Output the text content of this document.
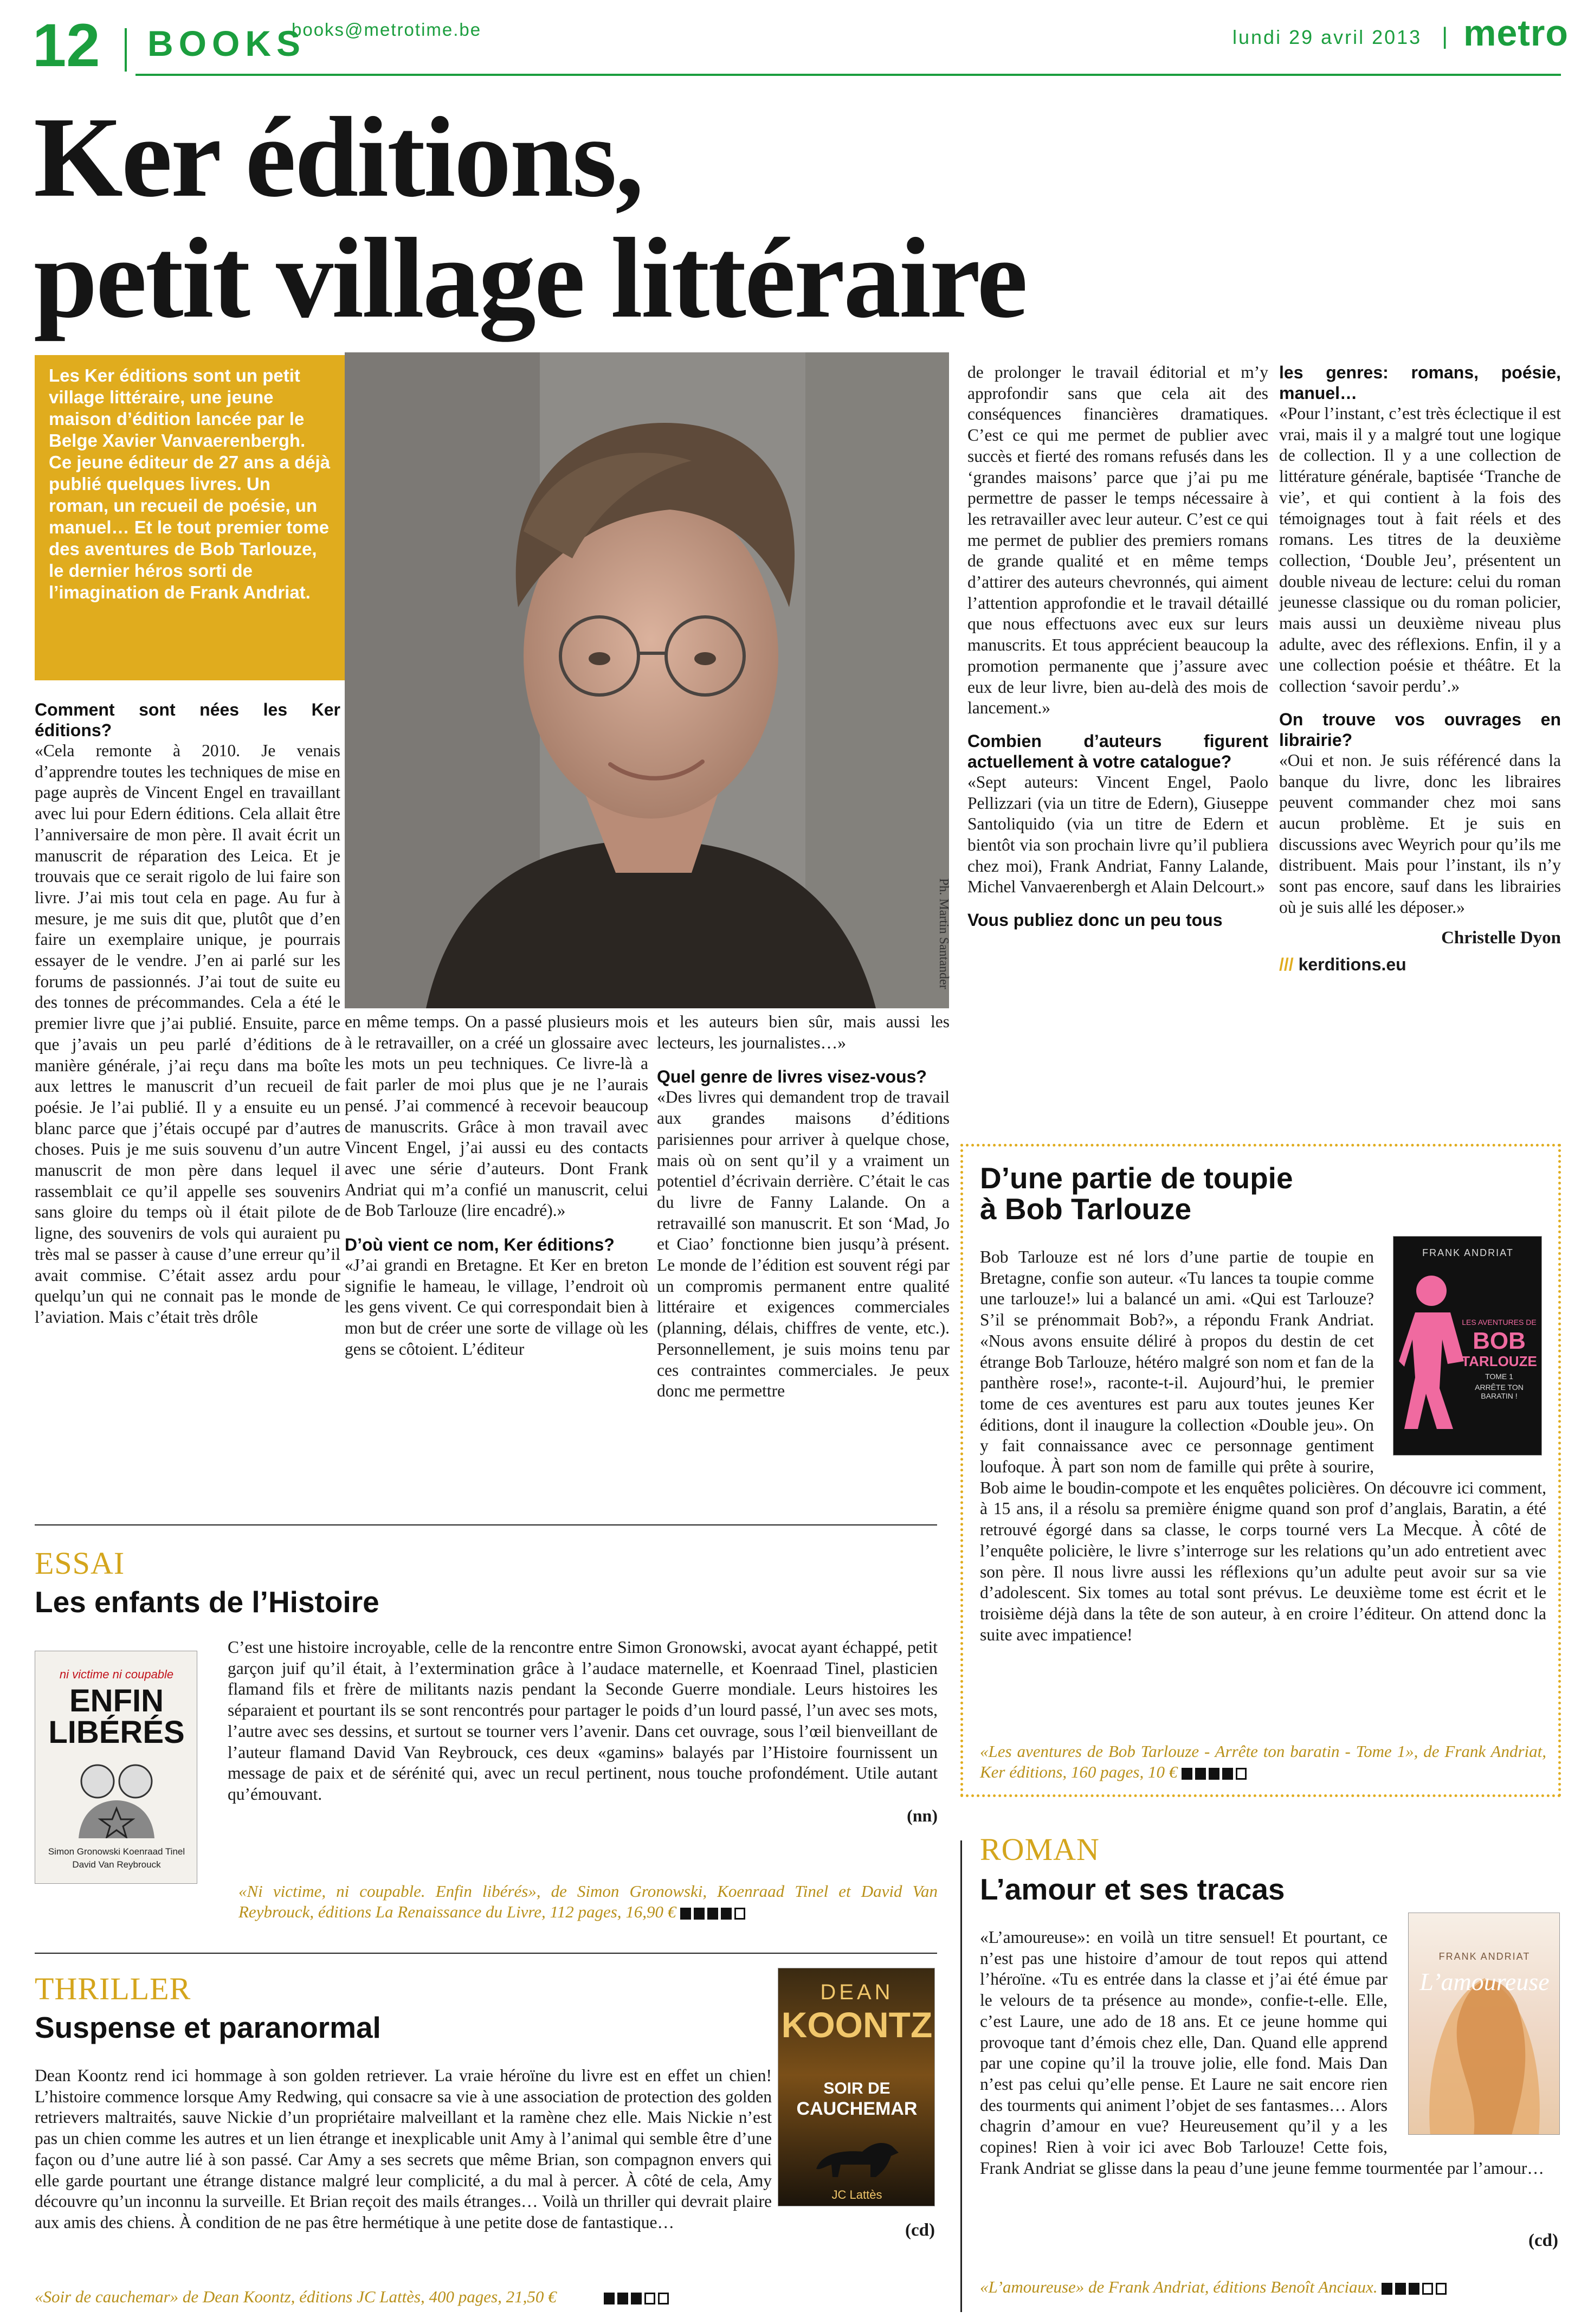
12 BOOKS
books@metrotime.be	lundi 29 avril 2013 | metro
Ker éditions,
petit village littéraire
Les Ker éditions sont un petit village littéraire, une jeune maison d’édition lancée par le Belge Xavier Vanvaerenbergh. Ce jeune éditeur de 27 ans a déjà publié quelques livres. Un roman, un recueil de poésie, un manuel… Et le tout premier tome des aventures de Bob Tarlouze, le dernier héros sorti de l’imagination de Frank Andriat.
Ph. Martin Santander
Comment sont nées les Ker éditions?

«Cela remonte à 2010. Je venais d’apprendre toutes les techniques de mise en page auprès de Vincent Engel en travaillant avec lui pour Edern éditions. Cela allait être l’anniversaire de mon père. Il avait écrit un manuscrit de réparation des Leica. Et je trouvais que ce serait rigolo de lui faire son livre. J’ai mis tout cela en page. Au fur à mesure, je me suis dit que, plutôt que d’en faire un exemplaire unique, je pourrais essayer de le vendre. J’en ai parlé sur les forums de passionnés. J’ai tout de suite eu des tonnes de précommandes. Cela a été le premier livre que j’ai publié. Ensuite, parce que j’avais un peu parlé d’éditions de manière générale, j’ai reçu dans ma boîte aux lettres le manuscrit d’un recueil de poésie. Je l’ai publié. Il y a ensuite eu un blanc parce que j’étais occupé par d’autres choses. Puis je me suis souvenu d’un autre manuscrit de mon père dans lequel il rassemblait ce qu’il appelle ses souvenirs sans gloire du temps où il était pilote de ligne, des souvenirs de vols qui auraient pu très mal se passer à cause d’une erreur qu’il avait commise. C’était assez ardu pour quelqu’un qui ne connait pas le monde de l’aviation. Mais c’était très drôle

en même temps. On a passé plusieurs mois à le retravailler, on a créé un glossaire avec les mots un peu techniques. Ce livre-là a fait parler de moi plus que je ne l’aurais pensé. J’ai commencé à recevoir beaucoup de manuscrits. Grâce à mon travail avec Vincent Engel, j’ai aussi eu des contacts avec une série d’auteurs. Dont Frank Andriat qui m’a confié un manuscrit, celui de Bob Tarlouze (lire encadré).»

D’où vient ce nom, Ker éditions?

«J’ai grandi en Bretagne. Et Ker en breton signifie le hameau, le village, l’endroit où les gens vivent. Ce qui correspondait bien à mon but de créer une sorte de village où les gens se côtoient. L’éditeur

et les auteurs bien sûr, mais aussi les lecteurs, les journalistes…»

Quel genre de livres visez-vous?

«Des livres qui demandent trop de travail aux grandes maisons d’éditions parisiennes pour arriver à quelque chose, mais où on sent qu’il y a vraiment un potentiel d’écrivain derrière. C’était le cas du livre de Fanny Lalande. On a retravaillé son manuscrit. Et son ‘Mad, Jo et Ciao’ fonctionne bien jusqu’à présent. Le monde de l’édition est souvent régi par un compromis permanent entre qualité littéraire et exigences commerciales (planning, délais, chiffres de vente, etc.). Personnellement, je suis moins tenu par ces contraintes commerciales. Je peux donc me permettre

de prolonger le travail éditorial et m’y approfondir sans que cela ait des conséquences financières dramatiques. C’est ce qui me permet de publier avec succès et fierté des romans refusés dans les ‘grandes maisons’ parce que j’ai pu me permettre de passer le temps nécessaire à les retravailler avec leur auteur. C’est ce qui me permet de publier des premiers romans de grande qualité et en même temps d’attirer des auteurs chevronnés, qui aiment l’attention approfondie et le travail détaillé que nous effectuons avec eux sur leurs manuscrits. Et tous apprécient beaucoup la promotion permanente que j’assure avec eux de leur livre, bien au-delà des mois de lancement.»

Combien d’auteurs figurent actuellement à votre catalogue?

«Sept auteurs: Vincent Engel, Paolo Pellizzari (via un titre de Edern), Giuseppe Santoliquido (via un titre de Edern et bientôt via son prochain livre qu’il publiera chez moi), Frank Andriat, Fanny Lalande, Michel Vanvaerenbergh et Alain Delcourt.»

Vous publiez donc un peu tous
les genres: romans, poésie, manuel…

«Pour l’instant, c’est très éclectique il est vrai, mais il y a malgré tout une logique de collection. Il y a une collection de littérature générale, baptisée ‘Tranche de vie’, et qui contient à la fois des témoignages tout à fait réels et des romans. Les titres de la deuxième collection, ‘Double Jeu’, présentent un double niveau de lecture: celui du roman jeunesse classique ou du roman policier, mais aussi un deuxième niveau plus adulte, avec des réflexions. Enfin, il y a une collection poésie et théâtre. Et la collection ‘savoir perdu’.»

On trouve vos ouvrages en librairie?

«Oui et non. Je suis référencé dans la banque du livre, donc les libraires peuvent commander chez moi sans aucun problème. Et je suis en discussions avec Weyrich pour qu’ils me distribuent. Mais pour l’instant, ils n’y sont pas encore, sauf dans les librairies où je suis allé les déposer.»

Christelle Dyon
/// kerditions.eu
ESSAI
Les enfants de l’Histoire
ni victime ni coupable
ENFIN
LIBÉRÉS
Simon Gronowski Koenraad Tinel
David Van Reybrouck

C’est une histoire incroyable, celle de la rencontre entre Simon Gronowski, avocat ayant échappé, petit garçon juif qu’il était, à l’extermination grâce à l’audace maternelle, et Koenraad Tinel, plasticien flamand fils et frère de militants nazis pendant la Seconde Guerre mondiale. Leurs histoires les séparaient et pourtant ils se sont rencontrés pour partager le poids d’un lourd passé, l’un avec ses mots, l’autre avec ses dessins, et surtout se tourner vers l’avenir. Dans cet ouvrage, sous l’œil bienveillant de l’auteur flamand David Van Reybrouck, ces deux «gamins» balayés par l’Histoire fournissent un message de paix et de sérénité qui, avec un recul pertinent, nous touche profondément. Utile autant qu’émouvant.

(nn)
«Ni victime, ni coupable. Enfin libérés», de Simon Gronowski, Koenraad Tinel et David Van Reybrouck, éditions La Renaissance du Livre, 112 pages, 16,90 €
THRILLER
Suspense et paranormal
DEAN
KOONTZ
SOIR DE
CAUCHEMAR
JC Lattès

Dean Koontz rend ici hommage à son golden retriever. La vraie héroïne du livre est en effet un chien! L’histoire commence lorsque Amy Redwing, qui consacre sa vie à une association de protection des golden retrievers maltraités, sauve Nickie d’un propriétaire malveillant et la ramène chez elle. Mais Nickie n’est pas un chien comme les autres et un lien étrange et inexplicable unit Amy à l’animal qui semble être d’une façon ou d’une autre lié à son passé. Car Amy a ses secrets que même Brian, son compagnon envers qui elle garde pourtant une étrange distance malgré leur complicité, a du mal à percer. À côté de cela, Amy découvre qu’un inconnu la surveille. Et Brian reçoit des mails étranges… Voilà un thriller qui devrait plaire aux amis des chiens. À condition de ne pas être hermétique à une petite dose de fantastique…	(cd)
«Soir de cauchemar» de Dean Koontz, éditions JC Lattès, 400 pages, 21,50 €
D’une partie de toupie
à Bob Tarlouze
FRANK ANDRIAT
LES AVENTURES DE
BOB
TARLOUZE
TOME 1
ARRÊTE TON BARATIN !
Bob Tarlouze est né lors d’une partie de toupie en Bretagne, confie son auteur. «Tu lances ta toupie comme une tarlouze!» lui a balancé un ami. «Qui est Tarlouze? S’il se prénommait Bob?», a répondu Frank Andriat. «Nous avons ensuite déliré à propos du destin de cet étrange Bob Tarlouze, hétéro malgré son nom et fan de la panthère rose!», raconte-t-il. Aujourd’hui, le premier tome de ces aventures est paru aux toutes jeunes Ker éditions, dont il inaugure la collection «Double jeu». On y fait connaissance avec ce personnage gentiment loufoque. À part son nom de famille qui prête à sourire, Bob aime le boudin-compote et les enquêtes policières. On découvre ici comment, à 15 ans, il a résolu sa première énigme quand son prof d’anglais, Baratin, a été retrouvé égorgé dans sa classe, le corps tourné vers La Mecque. À côté de l’enquête policière, le livre s’interroge sur les relations qu’un ado entretient avec son père. Il nous livre aussi les réflexions qu’un adulte peut avoir sur sa vie d’adolescent. Six tomes au total sont prévus. Le deuxième tome est écrit et le troisième déjà dans la tête de son auteur, à en croire l’éditeur. On attend donc la suite avec impatience!
«Les aventures de Bob Tarlouze - Arrête ton baratin - Tome 1», de Frank Andriat, Ker éditions, 160 pages, 10 €
ROMAN
L’amour et ses tracas
FRANK ANDRIAT
L’amoureuse
«L’amoureuse»: en voilà un titre sensuel! Et pourtant, ce n’est pas une histoire d’amour de tout repos qui attend l’héroïne. «Tu es entrée dans la classe et j’ai été émue par le velours de ta présence au monde», confie-t-elle. Elle, c’est Laure, une ado de 18 ans. Et ce jeune homme qui provoque tant d’émois chez elle, Dan. Quand elle apprend par une copine qu’il la trouve jolie, elle fond. Mais Dan n’est pas celui qu’elle pense. Et Laure ne sait encore rien des tourments qui animent l’objet de ses fantasmes… Alors chagrin d’amour en vue? Heureusement qu’il y a les copines! Rien à voir ici avec Bob Tarlouze! Cette fois, Frank Andriat se glisse dans la peau d’une jeune femme tourmentée par l’amour…
(cd)
«L’amoureuse» de Frank Andriat, éditions Benoît Anciaux.
